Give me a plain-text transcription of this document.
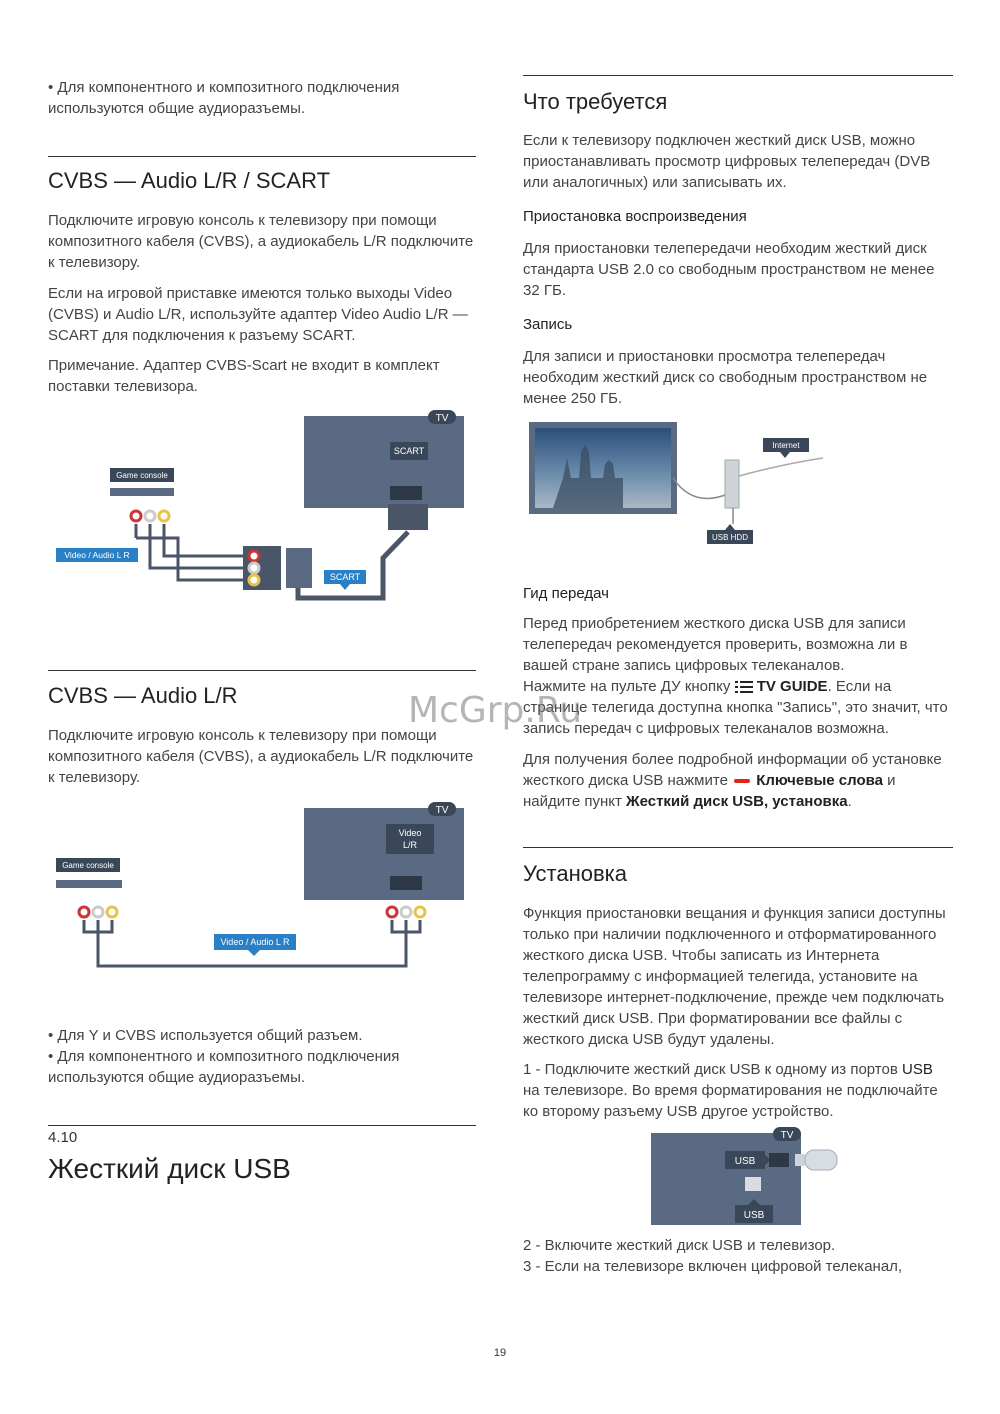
• Для компонентного и композитного подключения используются общие аудиоразъемы.

CVBS — Audio L/R / SCART

Подключите игровую консоль к телевизору при помощи композитного кабеля (CVBS), а аудиокабель L/R подключите к телевизору.

Если на игровой приставке имеются только выходы Video (CVBS) и Audio L/R, используйте адаптер Video Audio L/R — SCART для подключения к разъему SCART.

Примечание. Адаптер CVBS-Scart не входит в комплект поставки телевизора.

TV
SCART
SCART
Game console
Video / Audio L R
CVBS — Audio L/R

Подключите игровую консоль к телевизору при помощи композитного кабеля (CVBS), а аудиокабель L/R подключите к телевизору.

TV
Video
L/R
Game console
Video / Audio L R

• Для Y и CVBS используется общий разъем.

• Для компонентного и композитного подключения используются общие аудиоразъемы.

4.10
Жесткий диск USB
Что требуется

Если к телевизору подключен жесткий диск USB, можно приостанавливать просмотр цифровых телепередач (DVB или аналогичных) или записывать их.

Приостановка воспроизведения

Для приостановки телепередачи необходим жесткий диск стандарта USB 2.0 со свободным пространством не менее 32 ГБ.

Запись

Для записи и приостановки просмотра телепередач необходим жесткий диск со свободным пространством не менее 250 ГБ.

Internet
USB HDD
Гид передач

Перед приобретением жесткого диска USB для записи телепередач рекомендуется проверить, возможна ли в вашей стране запись цифровых телеканалов.

Нажмите на пульте ДУ кнопку  TV GUIDE. Если на странице телегида доступна кнопка "Запись", это значит, что запись передач с цифровых телеканалов возможна.

Для получения более подробной информации об установке жесткого диска USB нажмите  Ключевые слова и найдите пункт Жесткий диск USB, установка.

Установка

Функция приостановки вещания и функция записи доступны только при наличии подключенного и отформатированного жесткого диска USB. Чтобы записать из Интернета телепрограмму с информацией телегида, установите на телевизоре интернет-подключение, прежде чем подключать жесткий диск USB. При форматировании все файлы с жесткого диска USB будут удалены.

1 - Подключите жесткий диск USB к одному из портов USB на телевизоре. Во время форматирования не подключайте ко второму разъему USB другое устройство.

TV
USB
USB

2 - Включите жесткий диск USB и телевизор.

3 - Если на телевизоре включен цифровой телеканал,

McGrp.Ru
19
